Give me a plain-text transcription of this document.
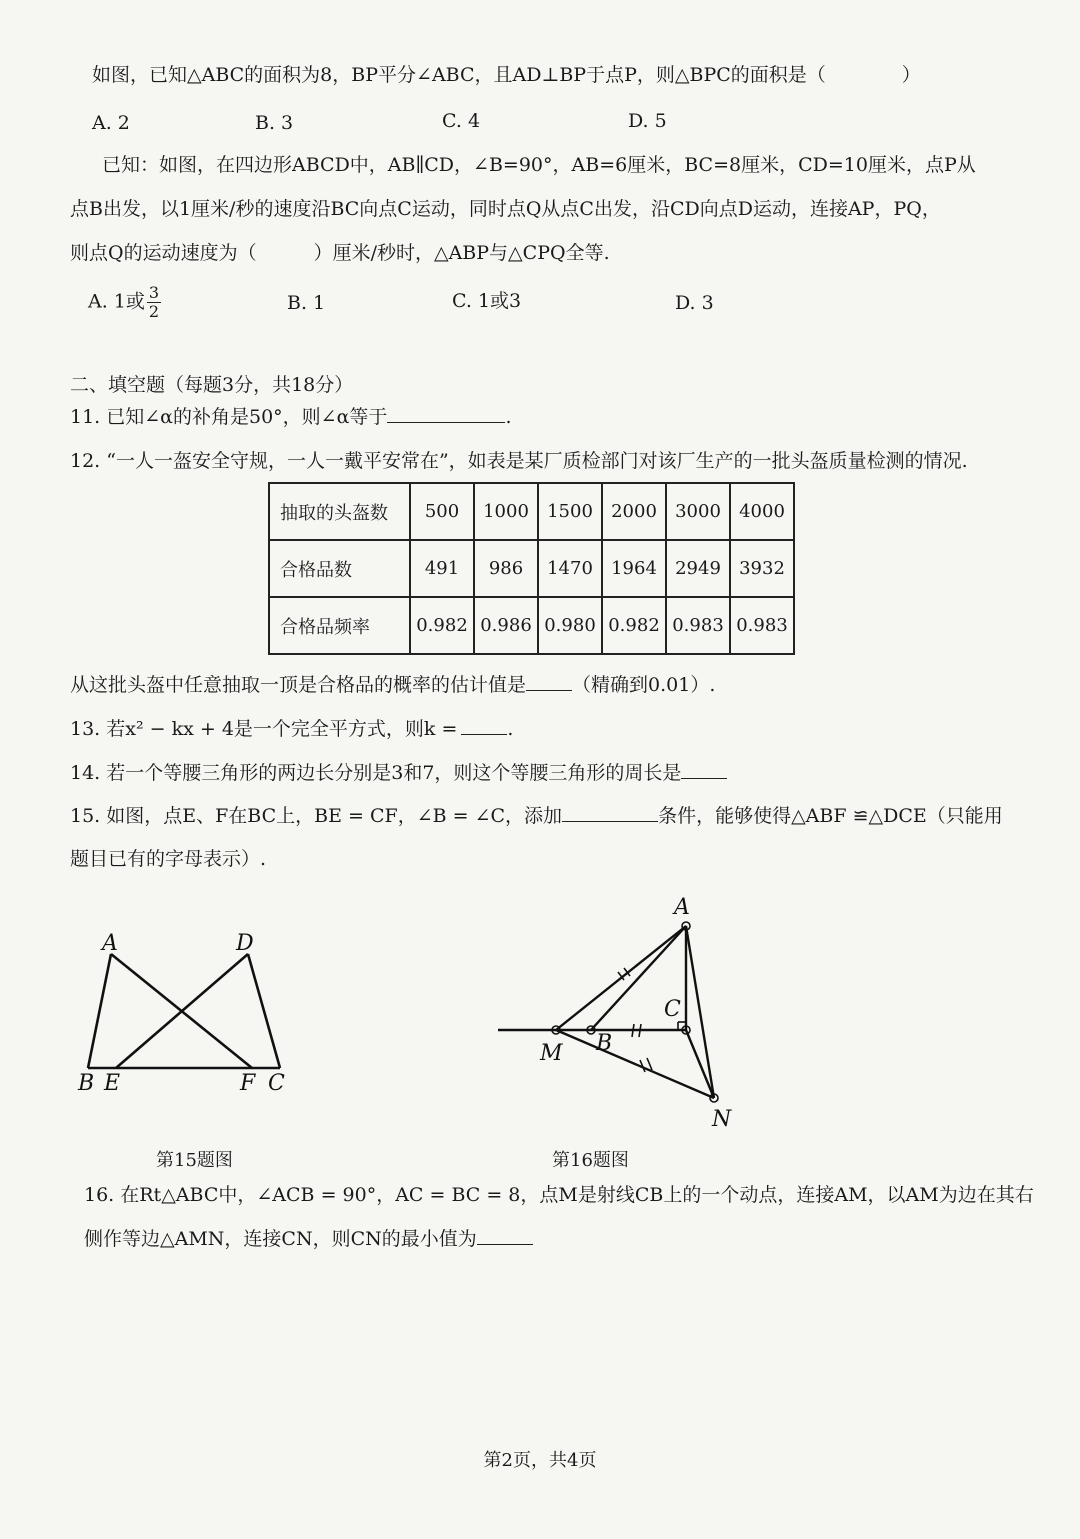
如图，已知△ABC的面积为8，BP平分∠ABC，且AD⊥BP于点P，则△BPC的面积是（　　　　）
A. 2	B. 3	C. 4	D. 5
已知：如图，在四边形ABCD中，AB∥CD，∠B=90°，AB=6厘米，BC=8厘米，CD=10厘米，点P从
点B出发，以1厘米/秒的速度沿BC向点C运动，同时点Q从点C出发，沿CD向点D运动，连接AP，PQ，
则点Q的运动速度为（　　　）厘米/秒时，△ABP与△CPQ全等.
A. 1或 $\frac{3}{2}$	B. 1	C. 1或3	D. 3
二、填空题（每题3分，共18分）
11. 已知∠α的补角是50°，则∠α等于	.
12. “一人一盔安全守规，一人一戴平安常在”，如表是某厂质检部门对该厂生产的一批头盔质量检测的情况.
抽取的头盔数	500	1000	1500	2000	3000	4000
合格品数	491	986	1470	1964	2949	3932
合格品频率	0.982	0.986	0.980	0.982	0.983	0.983
从这批头盔中任意抽取一顶是合格品的概率的估计值是 （精确到0.01）.
13. 若x² − kx + 4是一个完全平方式，则k =	.
14. 若一个等腰三角形的两边长分别是3和7，则这个等腰三角形的周长是
15. 如图，点E、F在BC上，BE = CF，∠B = ∠C，添加	条件，能够使得△ABF ≌△DCE（只能用
题目已有的字母表示）.
A	D
B E	F C
A
C
M B
N
第15题图	第16题图
16. 在Rt△ABC中，∠ACB = 90°，AC = BC = 8，点M是射线CB上的一个动点，连接AM，以AM为边在其右
侧作等边△AMN，连接CN，则CN的最小值为
第2页，共4页
